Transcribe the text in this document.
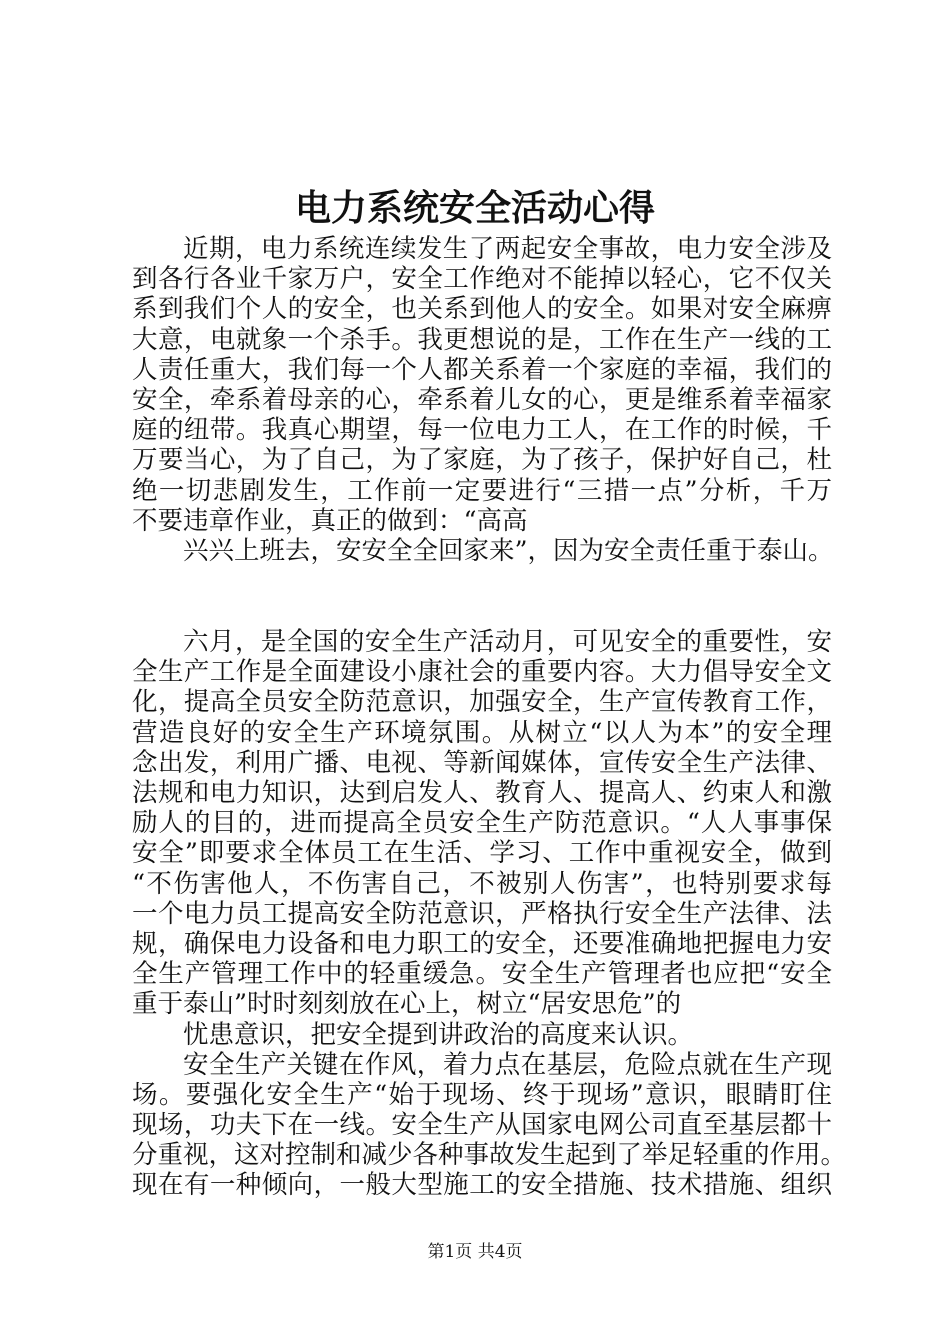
电力系统安全活动心得
近期，电力系统连续发生了两起安全事故，电力安全涉及
到各行各业千家万户，安全工作绝对不能掉以轻心，它不仅关
系到我们个人的安全，也关系到他人的安全。如果对安全麻痹
大意，电就象一个杀手。我更想说的是，工作在生产一线的工
人责任重大，我们每一个人都关系着一个家庭的幸福，我们的
安全，牵系着母亲的心，牵系着儿女的心，更是维系着幸福家
庭的纽带。我真心期望，每一位电力工人，在工作的时候，千
万要当心，为了自己，为了家庭，为了孩子，保护好自己，杜
绝一切悲剧发生，工作前一定要进行“三措一点”分析，千万
不要违章作业，真正的做到：“高高
兴兴上班去，安安全全回家来”，因为安全责任重于泰山。
六月，是全国的安全生产活动月，可见安全的重要性，安
全生产工作是全面建设小康社会的重要内容。大力倡导安全文
化，提高全员安全防范意识，加强安全，生产宣传教育工作，
营造良好的安全生产环境氛围。从树立“以人为本”的安全理
念出发，利用广播、电视、等新闻媒体，宣传安全生产法律、
法规和电力知识，达到启发人、教育人、提高人、约束人和激
励人的目的，进而提高全员安全生产防范意识。“人人事事保
安全”即要求全体员工在生活、学习、工作中重视安全，做到
“不伤害他人，不伤害自己，不被别人伤害”，也特别要求每
一个电力员工提高安全防范意识，严格执行安全生产法律、法
规，确保电力设备和电力职工的安全，还要准确地把握电力安
全生产管理工作中的轻重缓急。安全生产管理者也应把“安全
重于泰山”时时刻刻放在心上，树立“居安思危”的
忧患意识，把安全提到讲政治的高度来认识。
安全生产关键在作风，着力点在基层，危险点就在生产现
场。要强化安全生产“始于现场、终于现场”意识，眼睛盯住
现场，功夫下在一线。安全生产从国家电网公司直至基层都十
分重视，这对控制和减少各种事故发生起到了举足轻重的作用。
现在有一种倾向，一般大型施工的安全措施、技术措施、组织
第1页 共4页
